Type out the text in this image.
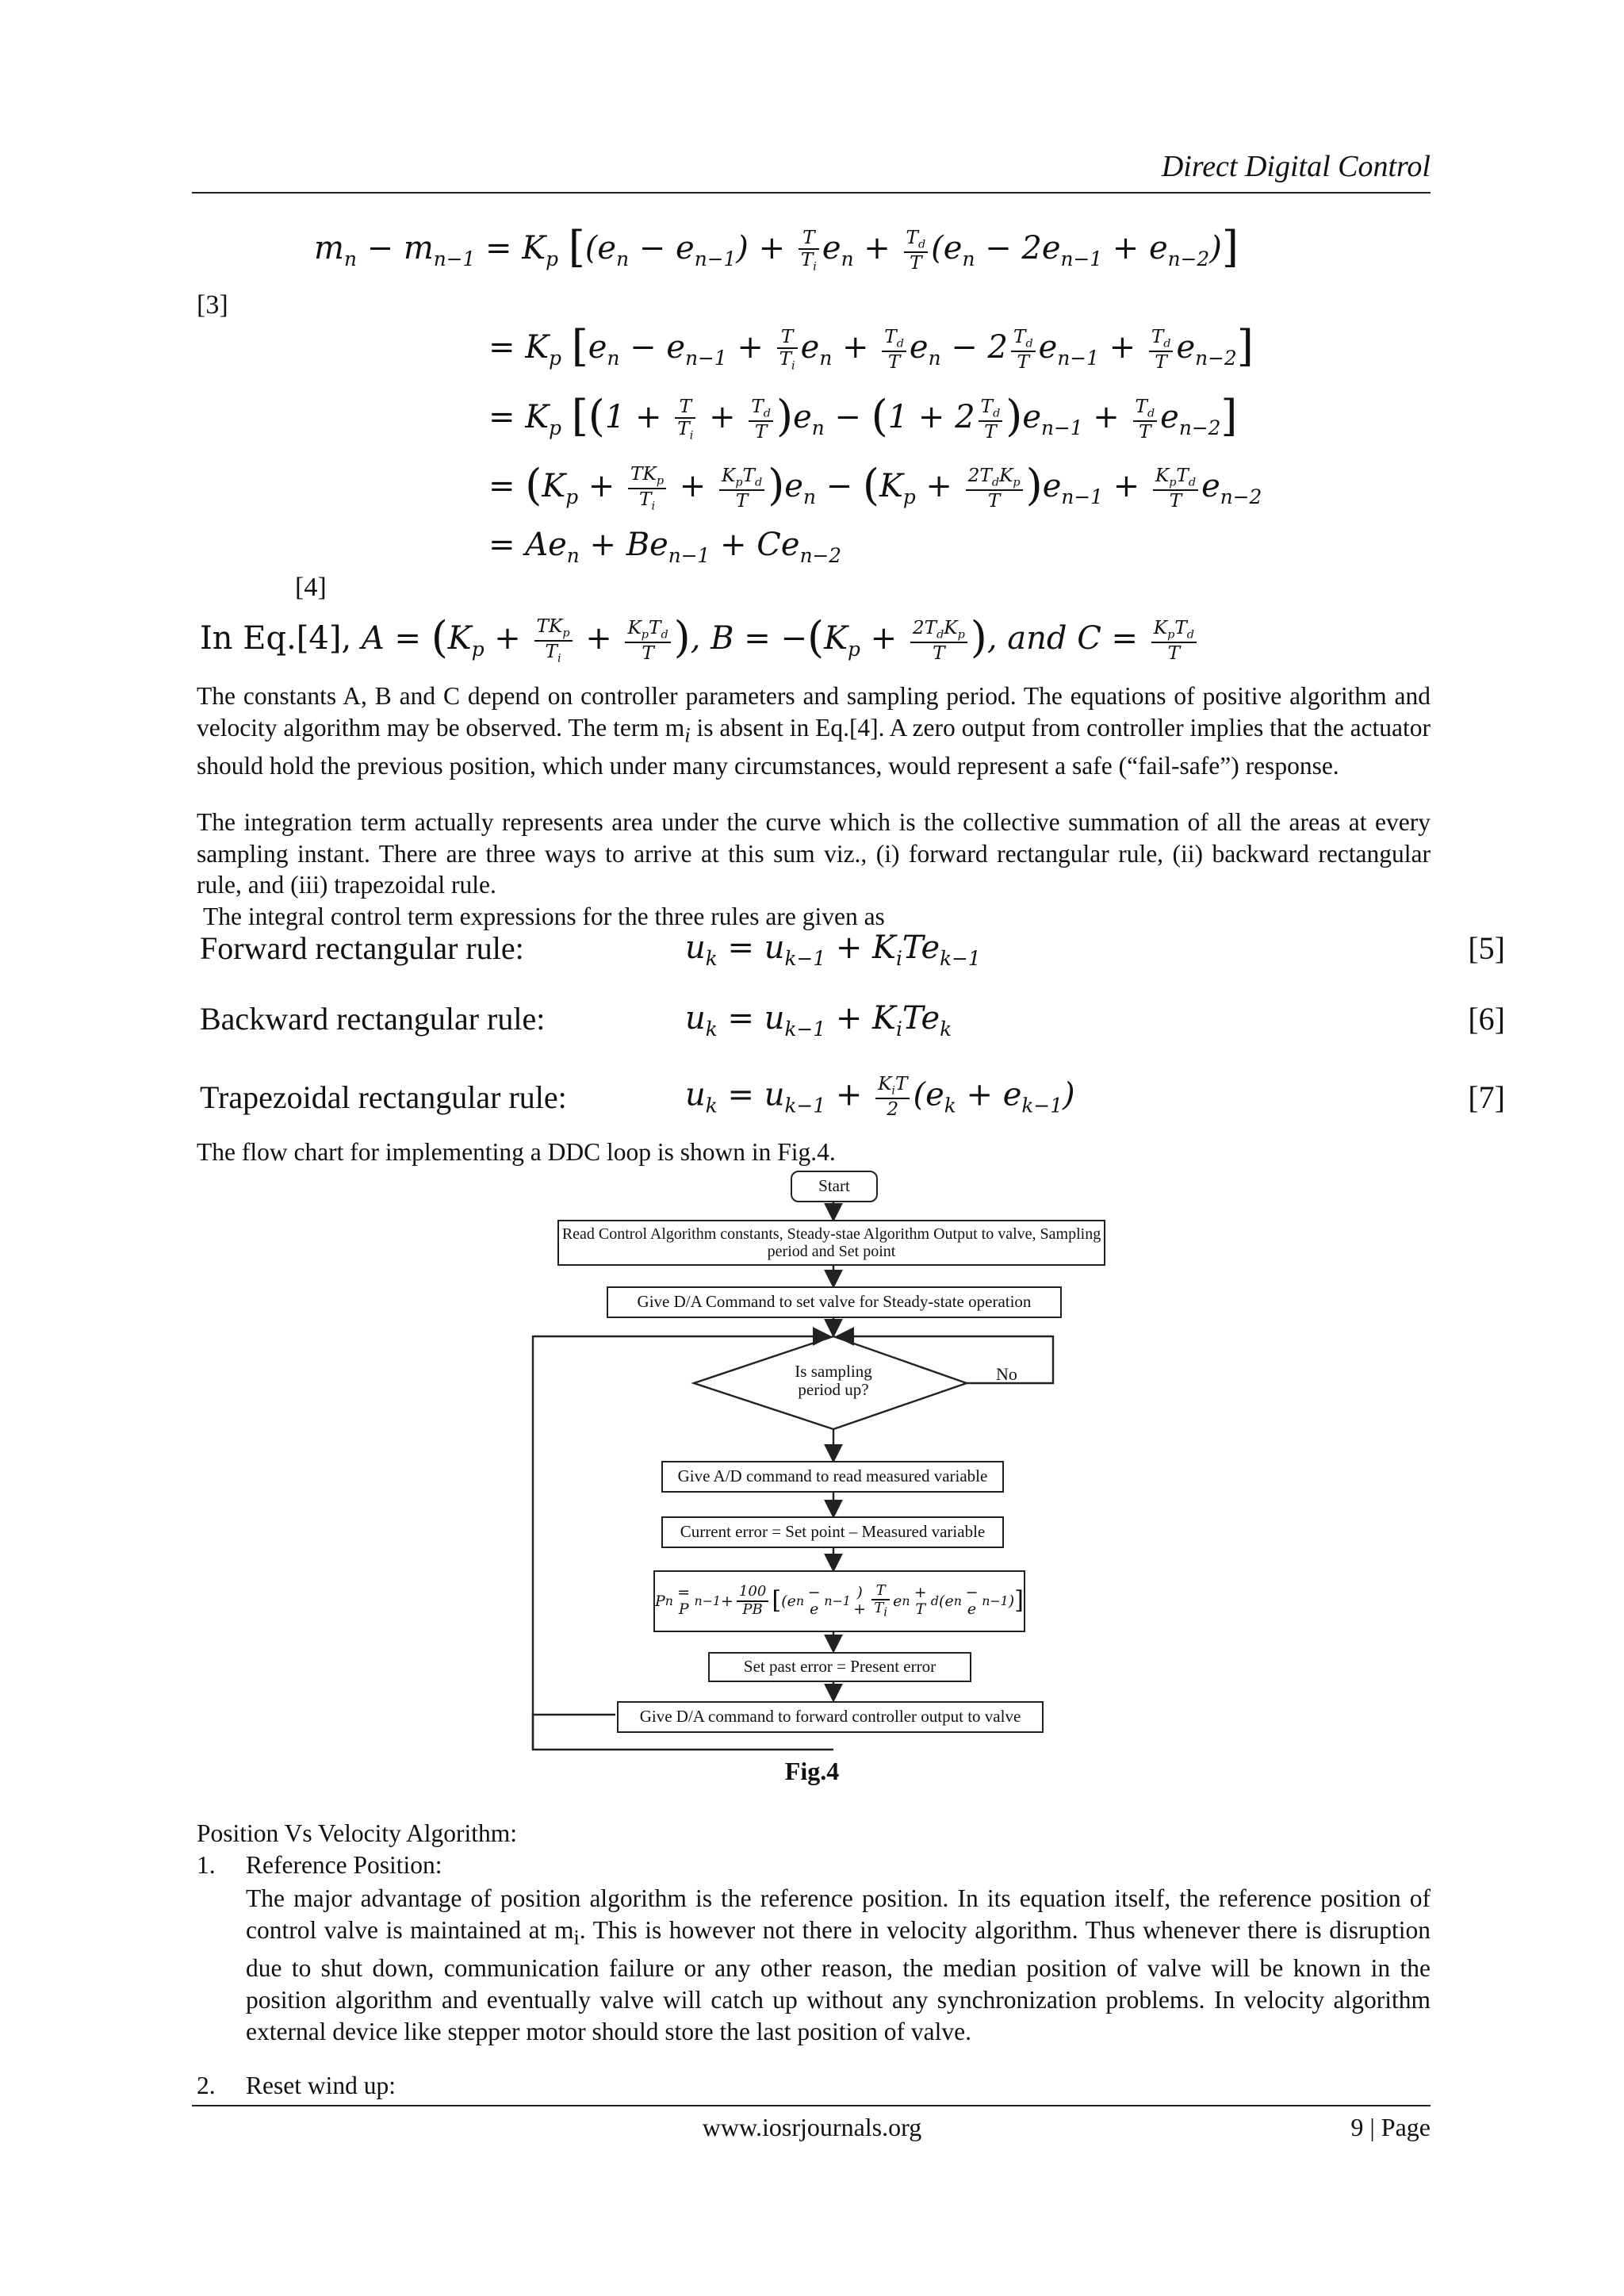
Direct Digital Control
$m_n - m_{n-1} = K_p$ $[(e_n - e_{n-1}) + \frac{T}{T_i} e_n + \frac{T_d}{T} (e_n - 2e_{n-1} + e_{n-2})]$
[3]
= $K_p$ $[e_n - e_{n-1} + \frac{T}{T_i} e_n + \frac{T_d}{T} e_n - 2 \frac{T_d}{T} e_{n-1} + \frac{T_d}{T} e_{n-2}]$
= $K_p$ $[(1 + \frac{T}{T_i} + \frac{T_d}{T} )e_n - (1 + 2 \frac{T_d}{T} )e_{n-1} + \frac{T_d}{T} e_{n-2}]$
= $(K_p + \frac{TK_p}{T_i} + \frac{K_pT_d}{T} )e_n - (K_p + \frac{2T_dK_p}{T} )e_{n-1} + \frac{K_pT_d}{T} e_{n-2}$
= $Ae_n + Be_{n-1} + Ce_{n-2}$
[4]
In Eq.[4], $A = (K_p + \frac{TK_p}{T_i} + \frac{K_pT_d}{T}$ ), $B = -(K_p + \frac{2T_dK_p}{T}$ ), and $C = \frac{K_pT_d}{T}$
The constants A, B and C depend on controller parameters and sampling period. The equations of positive algorithm and velocity algorithm may be observed. The term $m_i$ is absent in Eq.[4]. A zero output from controller implies that the actuator should hold the previous position, which under many circumstances, would represent a safe (“fail-safe”) response.
The integration term actually represents area under the curve which is the collective summation of all the areas at every sampling instant. There are three ways to arrive at this sum viz., (i) forward rectangular rule, (ii) backward rectangular rule, and (iii) trapezoidal rule.
The integral control term expressions for the three rules are given as
Forward rectangular rule:	$u_k = u_{k-1} + K_iTe_{k-1}$	[5]
Backward rectangular rule:	$u_k = u_{k-1} + K_iTe_k$	[6]
Trapezoidal rectangular rule:	$u_k = u_{k-1} + \frac{K_iT}{2} (e_k + e_{k-1})$	[7]
The flow chart for implementing a DDC loop is shown in Fig.4.
Start
Read Control Algorithm constants, Steady-stae Algorithm Output to valve, Sampling period and Set point
Give D/A Command to set valve for Steady-state operation
Is sampling period up?
No
Give A/D command to read measured variable
Current error = Set point – Measured variable
P n = P $n-1 + \frac{100}{PB}$ [ (e n − e n−1 ) + $\frac{T}{T_i}$ e n + T d (e n − e n−1 ) ]
Set past error = Present error
Give D/A command to forward controller output to valve
Fig.4
Position Vs Velocity Algorithm:
1. Reference Position:
The major advantage of position algorithm is the reference position. In its equation itself, the reference position of control valve is maintained at $m_i$. This is however not there in velocity algorithm. Thus whenever there is disruption due to shut down, communication failure or any other reason, the median position of valve will be known in the position algorithm and eventually valve will catch up without any synchronization problems. In velocity algorithm external device like stepper motor should store the last position of valve.
2. Reset wind up:
www.iosrjournals.org	9 | Page
